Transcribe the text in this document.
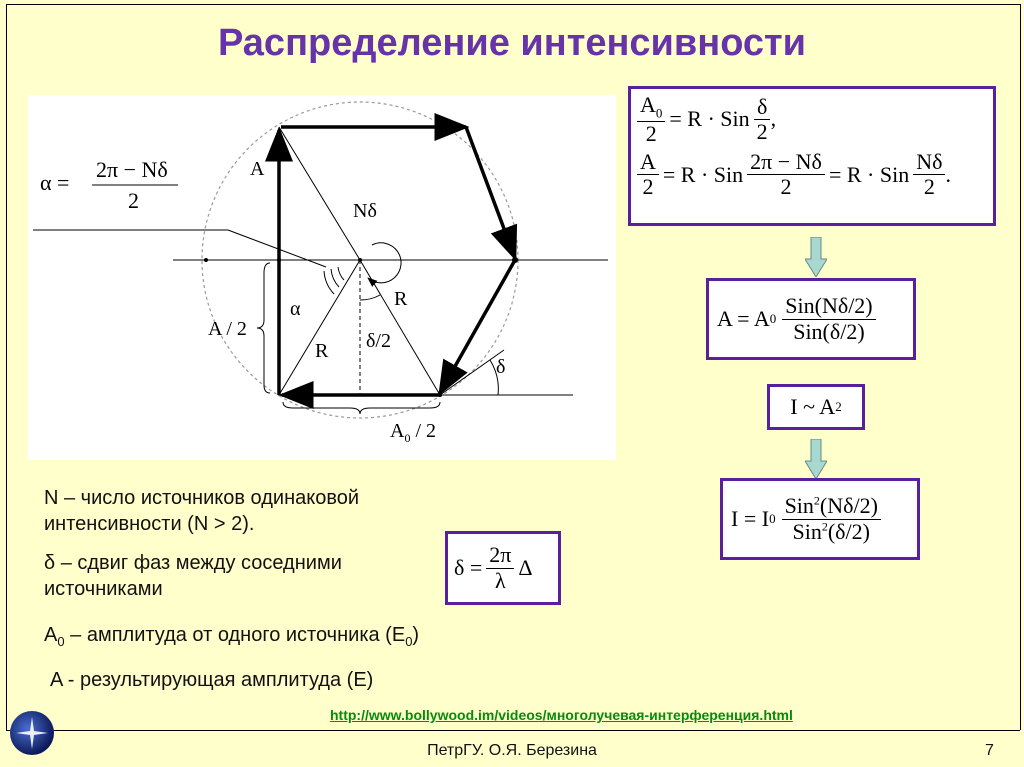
Распределение интенсивности
A
Nδ
R
R
α
δ/2
δ
A / 2
$A_0 / 2$
α =
2π − Nδ
2
$\frac{A_0}{2} = R$ · Sin $\frac{\delta}{2}$ ,
$\frac{A}{2} = R$ · Sin $\frac{2\pi - N\delta}{2} = R$ · Sin $\frac{N\delta}{2}$ .
A = A $0 \frac{\text{Sin(Nδ/2)}}{\text{Sin(δ/2)}}$
I ~ A 2
I = I $0 \frac{Sin^2(N\delta/2)}{Sin^2(\delta/2)}$
N – число источников одинаковой
интенсивности (N > 2).
δ – сдвиг фаз между соседними
источниками
$\delta = \frac{2\pi}{\lambda}$ Δ
$A_0$ – амплитуда от одного источника $(E_0)$
A - результирующая амплитуда (E)
http://www.bollywood.im/videos/многолучевая-интерференция.html
ПетрГУ. О.Я. Березина	7
